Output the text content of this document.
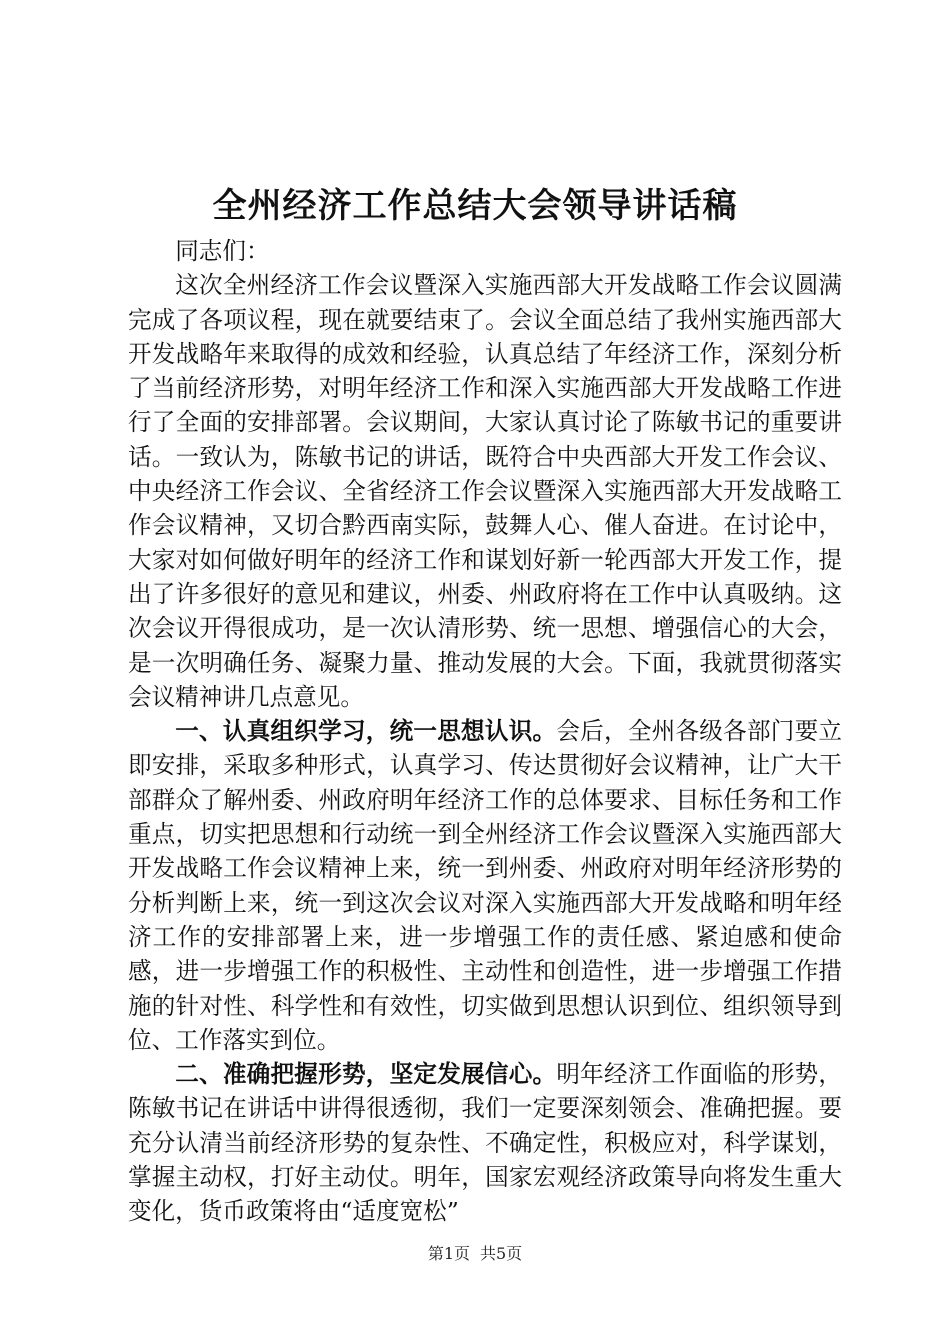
全州经济工作总结大会领导讲话稿

同志们：

这次全州经济工作会议暨深入实施西部大开发战略工作会议圆满完成了各项议程，现在就要结束了。会议全面总结了我州实施西部大开发战略年来取得的成效和经验，认真总结了年经济工作，深刻分析了当前经济形势，对明年经济工作和深入实施西部大开发战略工作进行了全面的安排部署。会议期间，大家认真讨论了陈敏书记的重要讲话。一致认为，陈敏书记的讲话，既符合中央西部大开发工作会议、中央经济工作会议、全省经济工作会议暨深入实施西部大开发战略工作会议精神，又切合黔西南实际，鼓舞人心、催人奋进。在讨论中，大家对如何做好明年的经济工作和谋划好新一轮西部大开发工作，提出了许多很好的意见和建议，州委、州政府将在工作中认真吸纳。这次会议开得很成功，是一次认清形势、统一思想、增强信心的大会，是一次明确任务、凝聚力量、推动发展的大会。下面，我就贯彻落实会议精神讲几点意见。

一、认真组织学习，统一思想认识。会后，全州各级各部门要立即安排，采取多种形式，认真学习、传达贯彻好会议精神，让广大干部群众了解州委、州政府明年经济工作的总体要求、目标任务和工作重点，切实把思想和行动统一到全州经济工作会议暨深入实施西部大开发战略工作会议精神上来，统一到州委、州政府对明年经济形势的分析判断上来，统一到这次会议对深入实施西部大开发战略和明年经济工作的安排部署上来，进一步增强工作的责任感、紧迫感和使命感，进一步增强工作的积极性、主动性和创造性，进一步增强工作措施的针对性、科学性和有效性，切实做到思想认识到位、组织领导到位、工作落实到位。

二、准确把握形势，坚定发展信心。明年经济工作面临的形势，陈敏书记在讲话中讲得很透彻，我们一定要深刻领会、准确把握。要充分认清当前经济形势的复杂性、不确定性，积极应对，科学谋划，掌握主动权，打好主动仗。明年，国家宏观经济政策导向将发生重大变化，货币政策将由“适度宽松”

第1页 共5页
